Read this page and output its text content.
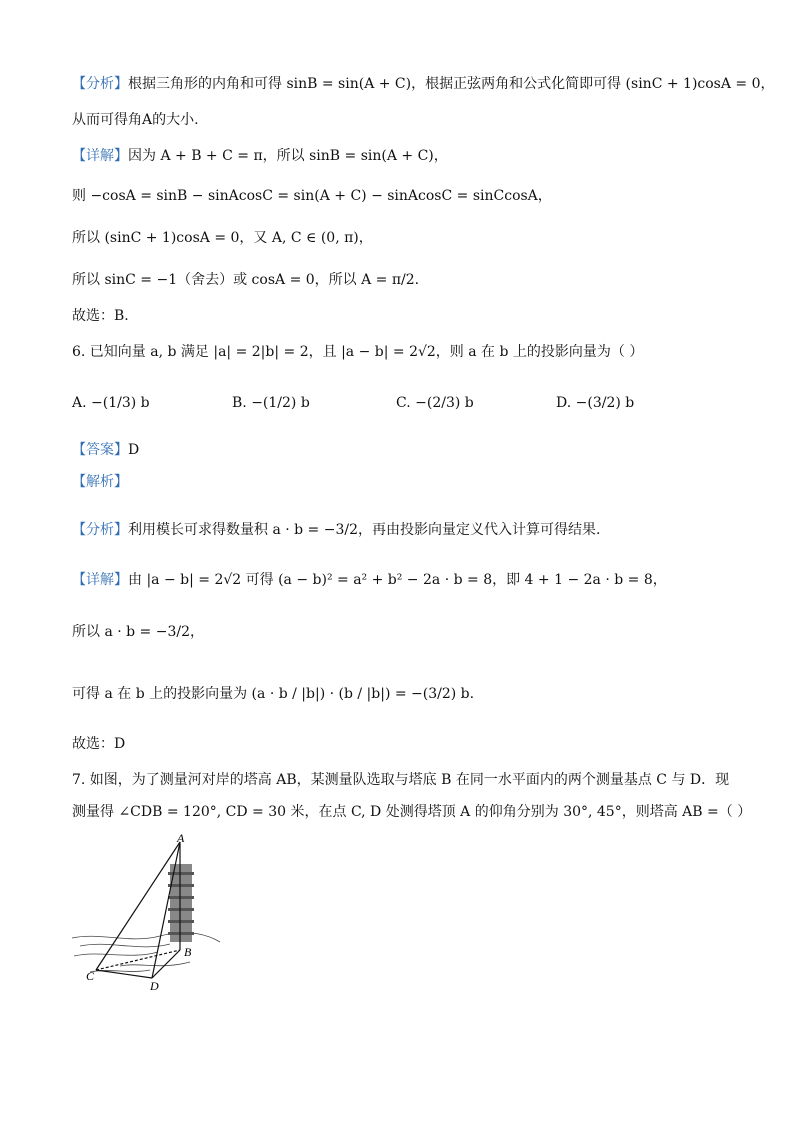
【分析】根据三角形的内角和可得 sinB = sin(A + C)，根据正弦两角和公式化简即可得 (sinC + 1)cosA = 0，
从而可得角A的大小.
【详解】因为 A + B + C = π，所以 sinB = sin(A + C)，
则 −cosA = sinB − sinAcosC = sin(A + C) − sinAcosC = sinCcosA，
所以 (sinC + 1)cosA = 0，又 A, C ∈ (0, π)，
所以 sinC = −1（舍去）或 cosA = 0，所以 A = π/2.
故选：B.
6. 已知向量 a, b 满足 |a| = 2|b| = 2，且 |a − b| = 2√2，则 a 在 b 上的投影向量为（ ）
A. −(1/3) b	B. −(1/2) b	C. −(2/3) b	D. −(3/2) b
【答案】D
【解析】
【分析】利用模长可求得数量积 a · b = −3/2，再由投影向量定义代入计算可得结果.
【详解】由 |a − b| = 2√2 可得 (a − b)² = a² + b² − 2a · b = 8，即 4 + 1 − 2a · b = 8，
所以 a · b = −3/2，
可得 a 在 b 上的投影向量为 (a · b / |b|) · (b / |b|) = −(3/2) b.
故选：D
7. 如图，为了测量河对岸的塔高 AB，某测量队选取与塔底 B 在同一水平面内的两个测量基点 C 与 D．现
测量得 ∠CDB = 120°, CD = 30 米，在点 C, D 处测得塔顶 A 的仰角分别为 30°, 45°，则塔高 AB =（ ）
A
B
C
D
